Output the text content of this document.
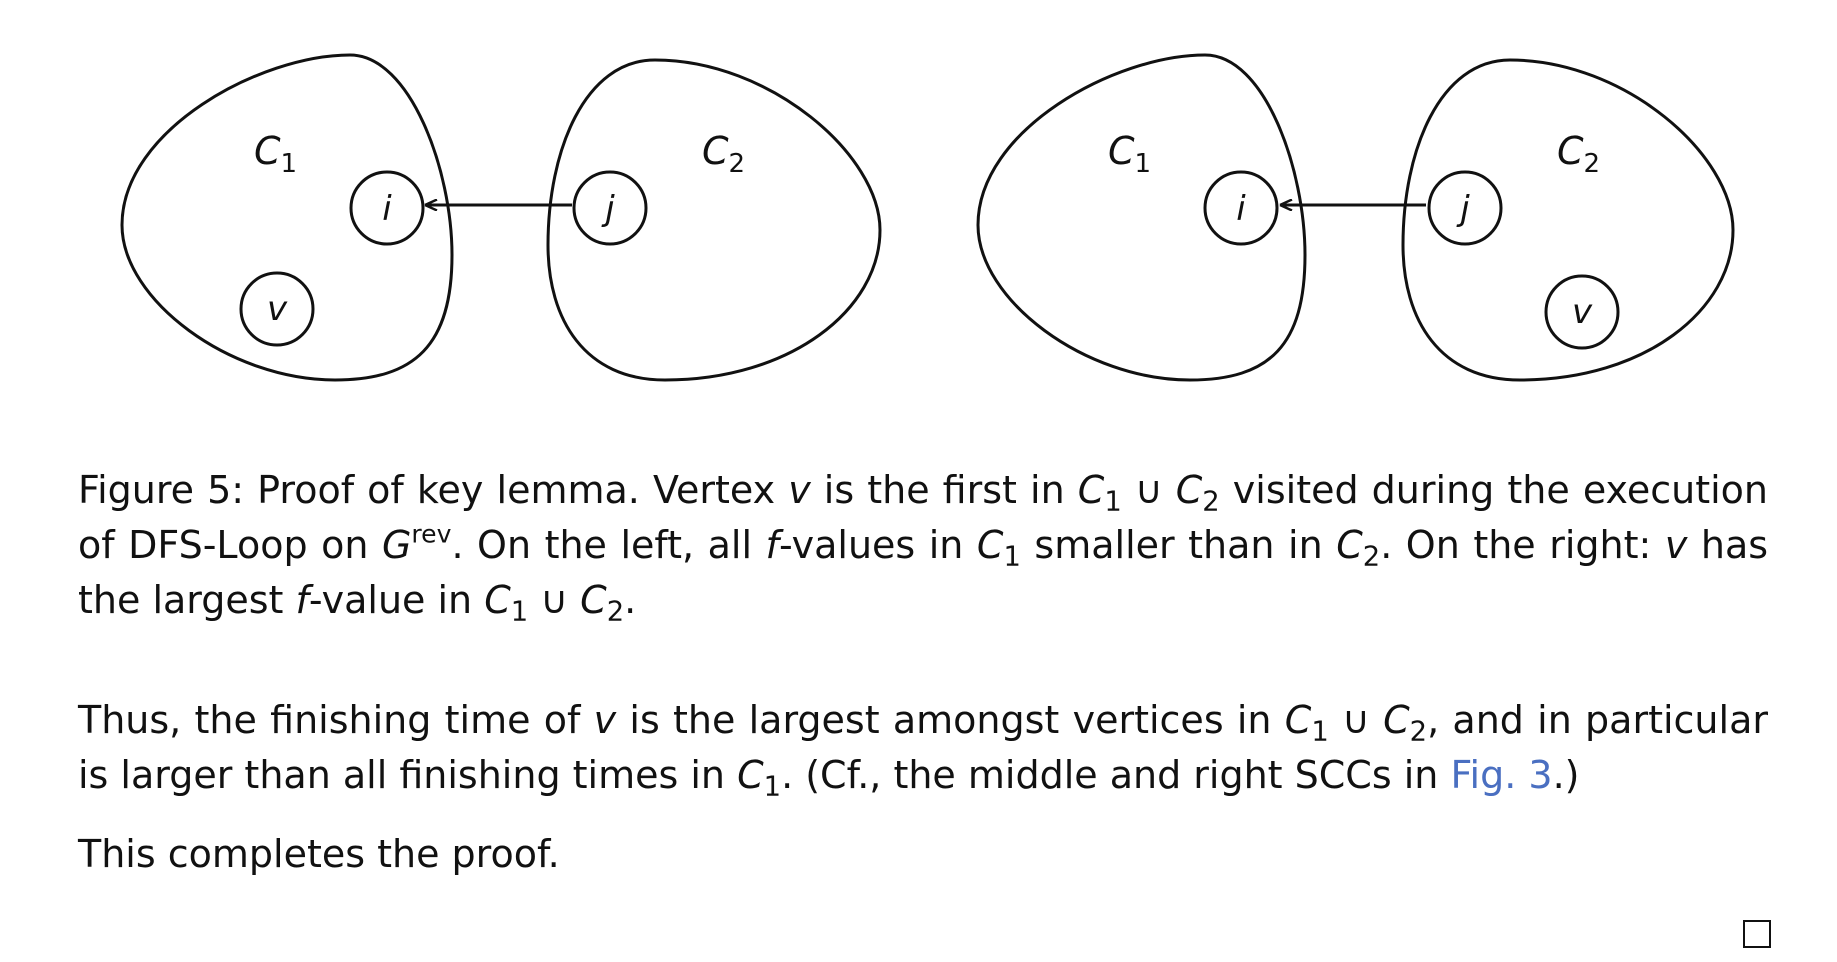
$C_1$	$C_2$
i	j
v
$C_1$	$C_2$
i	j
v

Figure 5: Proof of key lemma. Vertex v is the first in $C_1$ ∪ $C_2$ visited during the execution of DFS-Loop on $G^{rev}$. On the left, all f-values in $C_1$ smaller than in $C_2$. On the right: v has the largest f-value in $C_1$ ∪ $C_2$.

Thus, the finishing time of v is the largest amongst vertices in $C_1$ ∪ $C_2$, and in particular is larger than all finishing times in $C_1$. (Cf., the middle and right SCCs in Fig. 3.)

This completes the proof.
